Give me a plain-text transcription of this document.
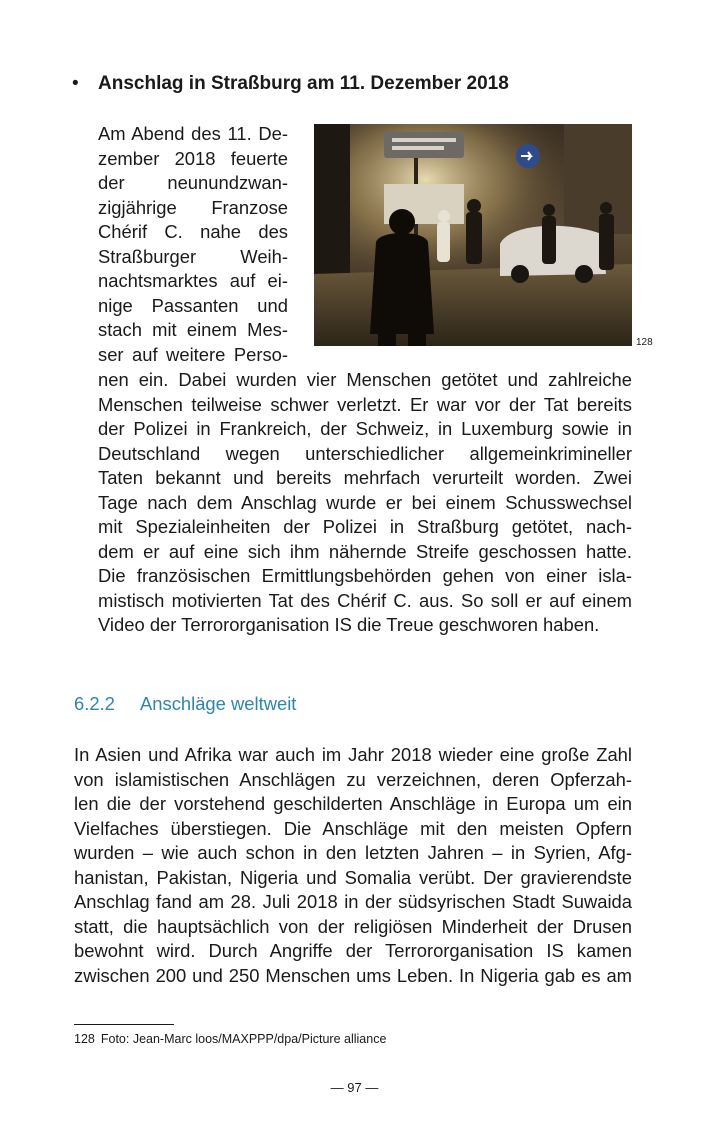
• Anschlag in Straßburg am 11. Dezember 2018
Am Abend des 11. De-
zember 2018 feuerte
der neunundzwan-
zigjährige Franzose
Chérif C. nahe des
Straßburger Weih-
nachtsmarktes auf ei-
nige Passanten und
stach mit einem Mes-
ser auf weitere Perso-
128
nen ein. Dabei wurden vier Menschen getötet und zahlreiche
Menschen teilweise schwer verletzt. Er war vor der Tat bereits
der Polizei in Frankreich, der Schweiz, in Luxemburg sowie in
Deutschland wegen unterschiedlicher allgemeinkrimineller
Taten bekannt und bereits mehrfach verurteilt worden. Zwei
Tage nach dem Anschlag wurde er bei einem Schusswechsel
mit Spezialeinheiten der Polizei in Straßburg getötet, nach-
dem er auf eine sich ihm nähernde Streife geschossen hatte.
Die französischen Ermittlungsbehörden gehen von einer isla-
mistisch motivierten Tat des Chérif C. aus. So soll er auf einem
Video der Terrororganisation IS die Treue geschworen haben.
6.2.2 Anschläge weltweit
In Asien und Afrika war auch im Jahr 2018 wieder eine große Zahl
von islamistischen Anschlägen zu verzeichnen, deren Opferzah-
len die der vorstehend geschilderten Anschläge in Europa um ein
Vielfaches überstiegen. Die Anschläge mit den meisten Opfern
wurden – wie auch schon in den letzten Jahren – in Syrien, Afg-
hanistan, Pakistan, Nigeria und Somalia verübt. Der gravierendste
Anschlag fand am 28. Juli 2018 in der südsyrischen Stadt Suwaida
statt, die hauptsächlich von der religiösen Minderheit der Drusen
bewohnt wird. Durch Angriffe der Terrororganisation IS kamen
zwischen 200 und 250 Menschen ums Leben. In Nigeria gab es am
128 Foto: Jean-Marc loos/MAXPPP/dpa/Picture alliance
— 97 —
